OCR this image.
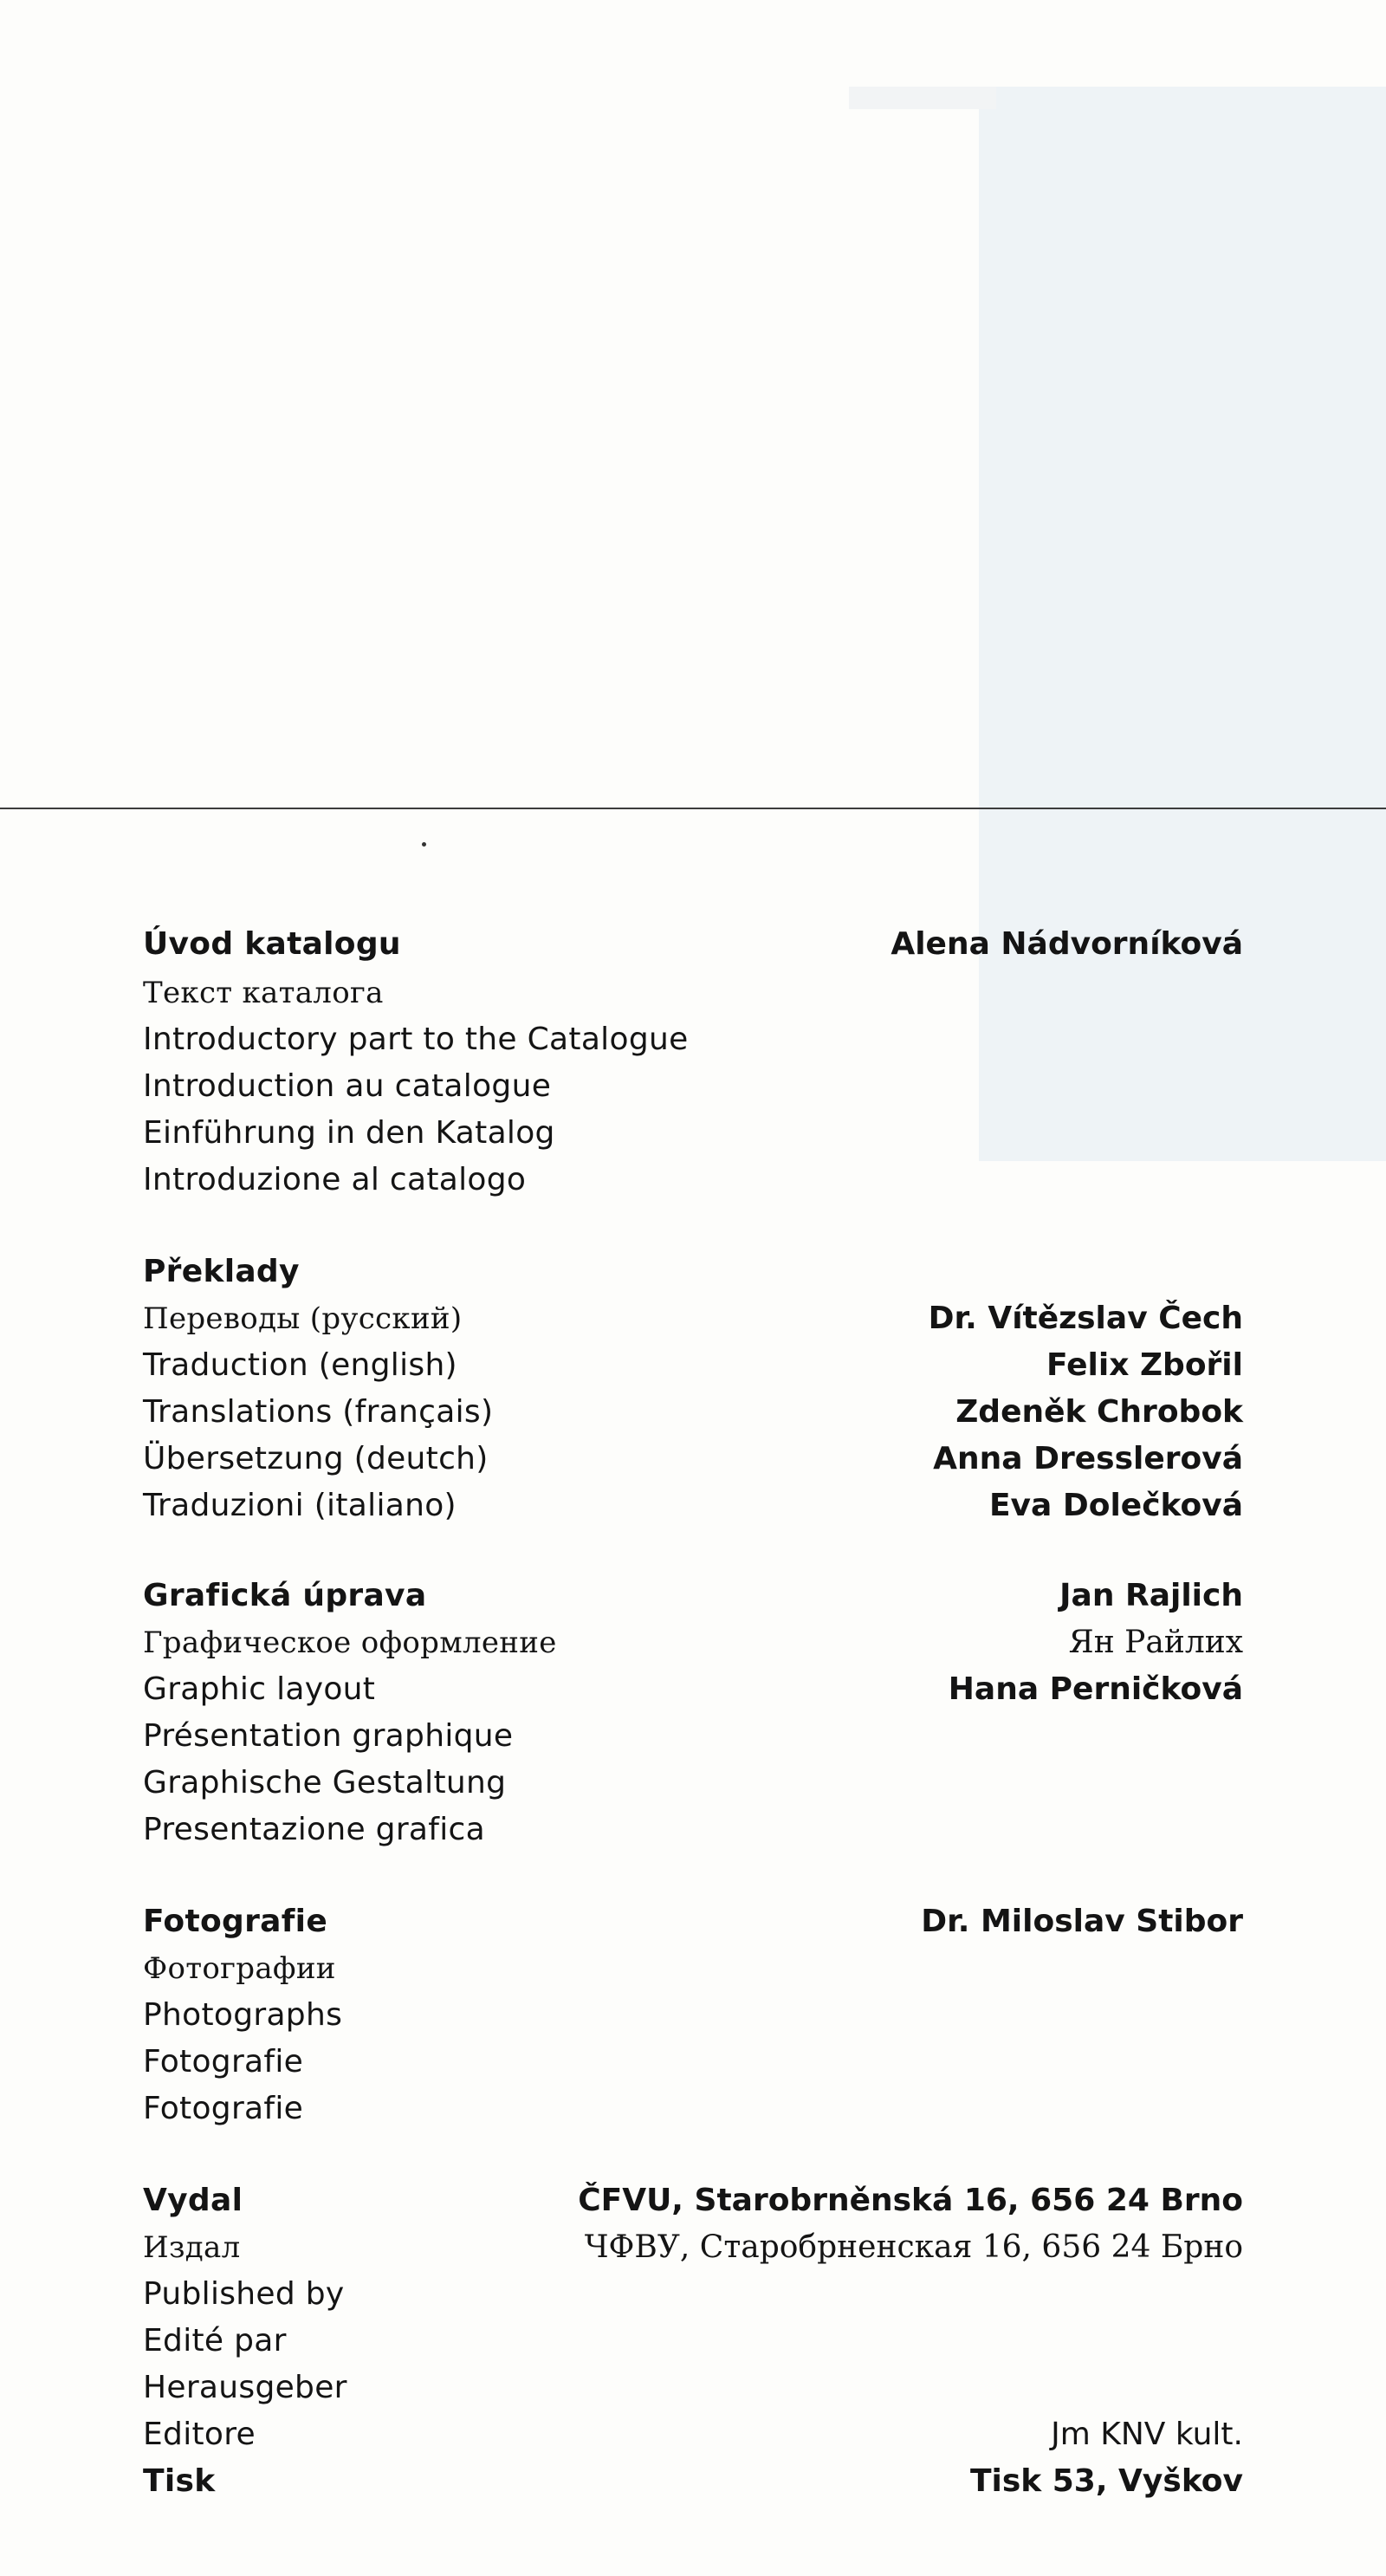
Úvod katalogu	Alena Nádvorníková
Текст каталога
Introductory part to the Catalogue
Introduction au catalogue
Einführung in den Katalog
Introduzione al catalogo
Překlady
Переводы (русский)	Dr. Vítězslav Čech
Traduction (english)	Felix Zbořil
Translations (français)	Zdeněk Chrobok
Übersetzung (deutch)	Anna Dresslerová
Traduzioni (italiano)	Eva Dolečková
Grafická úprava	Jan Rajlich
Графическое оформление	Ян Райлих
Graphic layout	Hana Perničková
Présentation graphique
Graphische Gestaltung
Presentazione grafica
Fotografie	Dr. Miloslav Stibor
Фотографии
Photographs
Fotografie
Fotografie
Vydal	ČFVU, Starobrněnská 16, 656 24 Brno
Издал	ЧФВУ, Старобрненская 16, 656 24 Брно
Published by
Edité par
Herausgeber
Editore	Jm KNV kult.
Tisk	Tisk 53, Vyškov
